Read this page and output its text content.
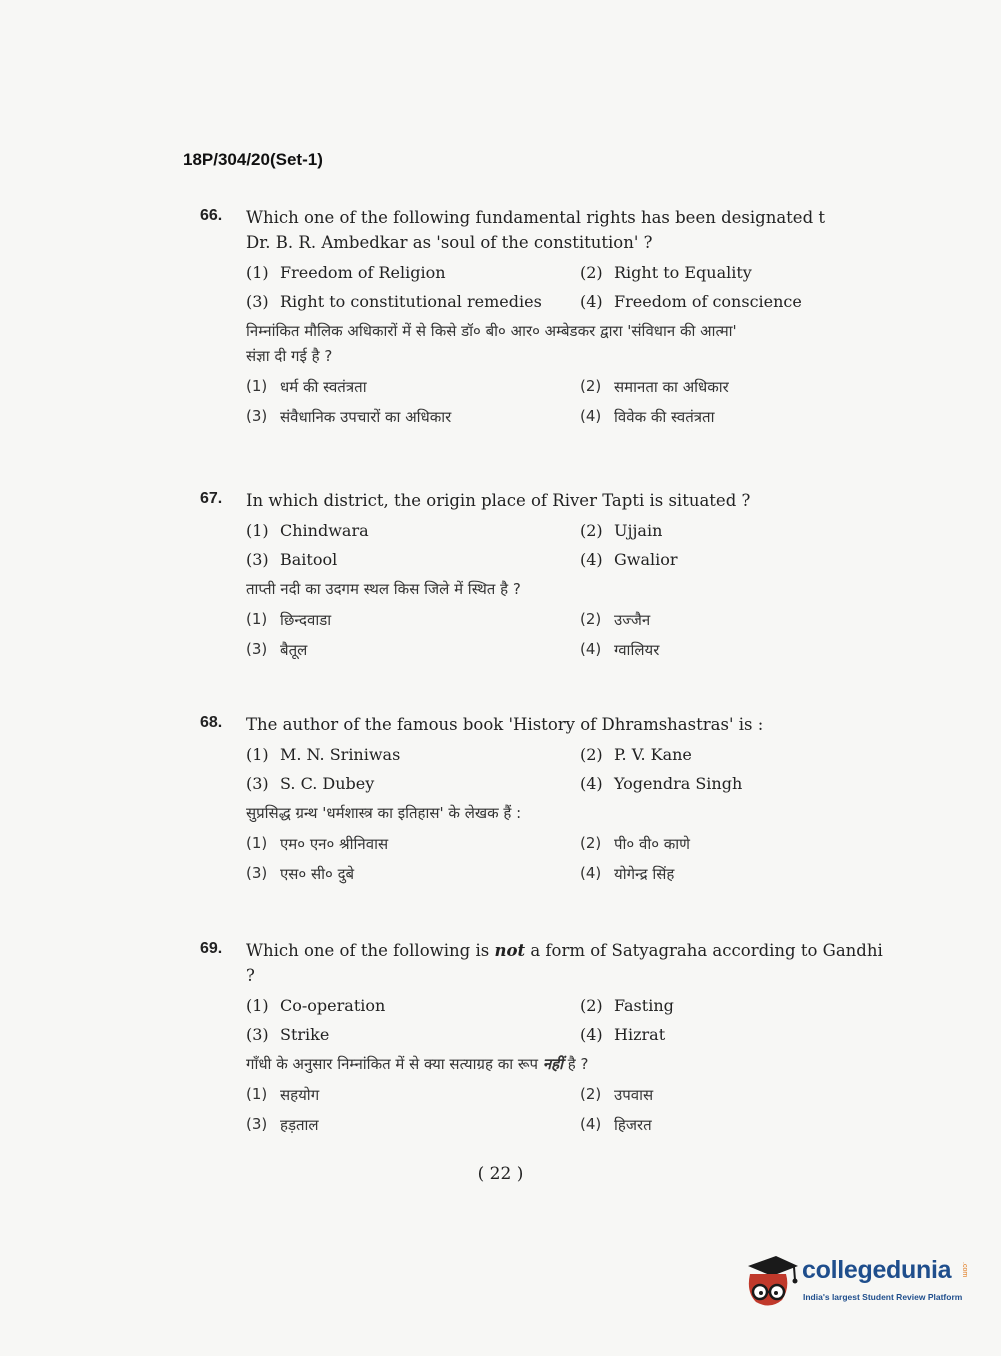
18P/304/20(Set-1)
66.	Which one of the following fundamental rights has been designated t
Dr. B. R. Ambedkar as 'soul of the constitution' ?
(1) Freedom of Religion	(2) Right to Equality
(3) Right to constitutional remedies (4) Freedom of conscience
निम्नांकित मौलिक अधिकारों में से किसे डॉ० बी० आर० अम्बेडकर द्वारा 'संविधान की आत्मा'
संज्ञा दी गई है ?
(1) धर्म की स्वतंत्रता	(2) समानता का अधिकार
(3) संवैधानिक उपचारों का अधिकार	(4) विवेक की स्वतंत्रता
67.	In which district, the origin place of River Tapti is situated ?
(1) Chindwara	(2) Ujjain
(3) Baitool	(4) Gwalior
ताप्ती नदी का उदगम स्थल किस जिले में स्थित है ?
(1) छिन्दवाडा	(2) उज्जैन
(3) बैतूल	(4) ग्वालियर
68.	The author of the famous book 'History of Dhramshastras' is :
(1) M. N. Sriniwas	(2) P. V. Kane
(3) S. C. Dubey	(4) Yogendra Singh
सुप्रसिद्ध ग्रन्थ 'धर्मशास्त्र का इतिहास' के लेखक हैं :
(1) एम० एन० श्रीनिवास	(2) पी० वी० काणे
(3) एस० सी० दुबे	(4) योगेन्द्र सिंह
69.	Which one of the following is not a form of Satyagraha according to Gandhi ?
(1) Co-operation	(2) Fasting
(3) Strike	(4) Hizrat
गाँधी के अनुसार निम्नांकित में से क्या सत्याग्रह का रूप नहीं है ?
(1) सहयोग	(2) उपवास
(3) हड़ताल	(4) हिजरत
( 22 )
collegedunia .com
India's largest Student Review Platform
